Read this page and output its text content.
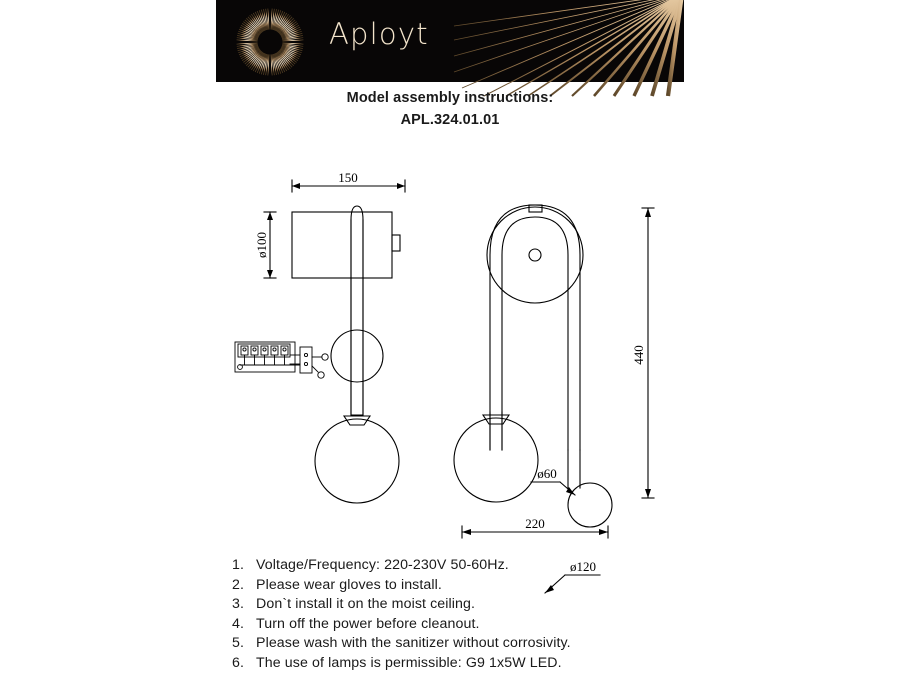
Aployt
Model assembly instructions:
APL.324.01.01
150
ø100
ø60
ø120
440
220
1. Voltage/Frequency: 220-230V 50-60Hz.
2. Please wear gloves to install.
3. Don`t install it on the moist ceiling.
4. Turn off the power before cleanout.
5. Please wash with the sanitizer without corrosivity.
6. The use of lamps is permissible: G9 1x5W LED.
